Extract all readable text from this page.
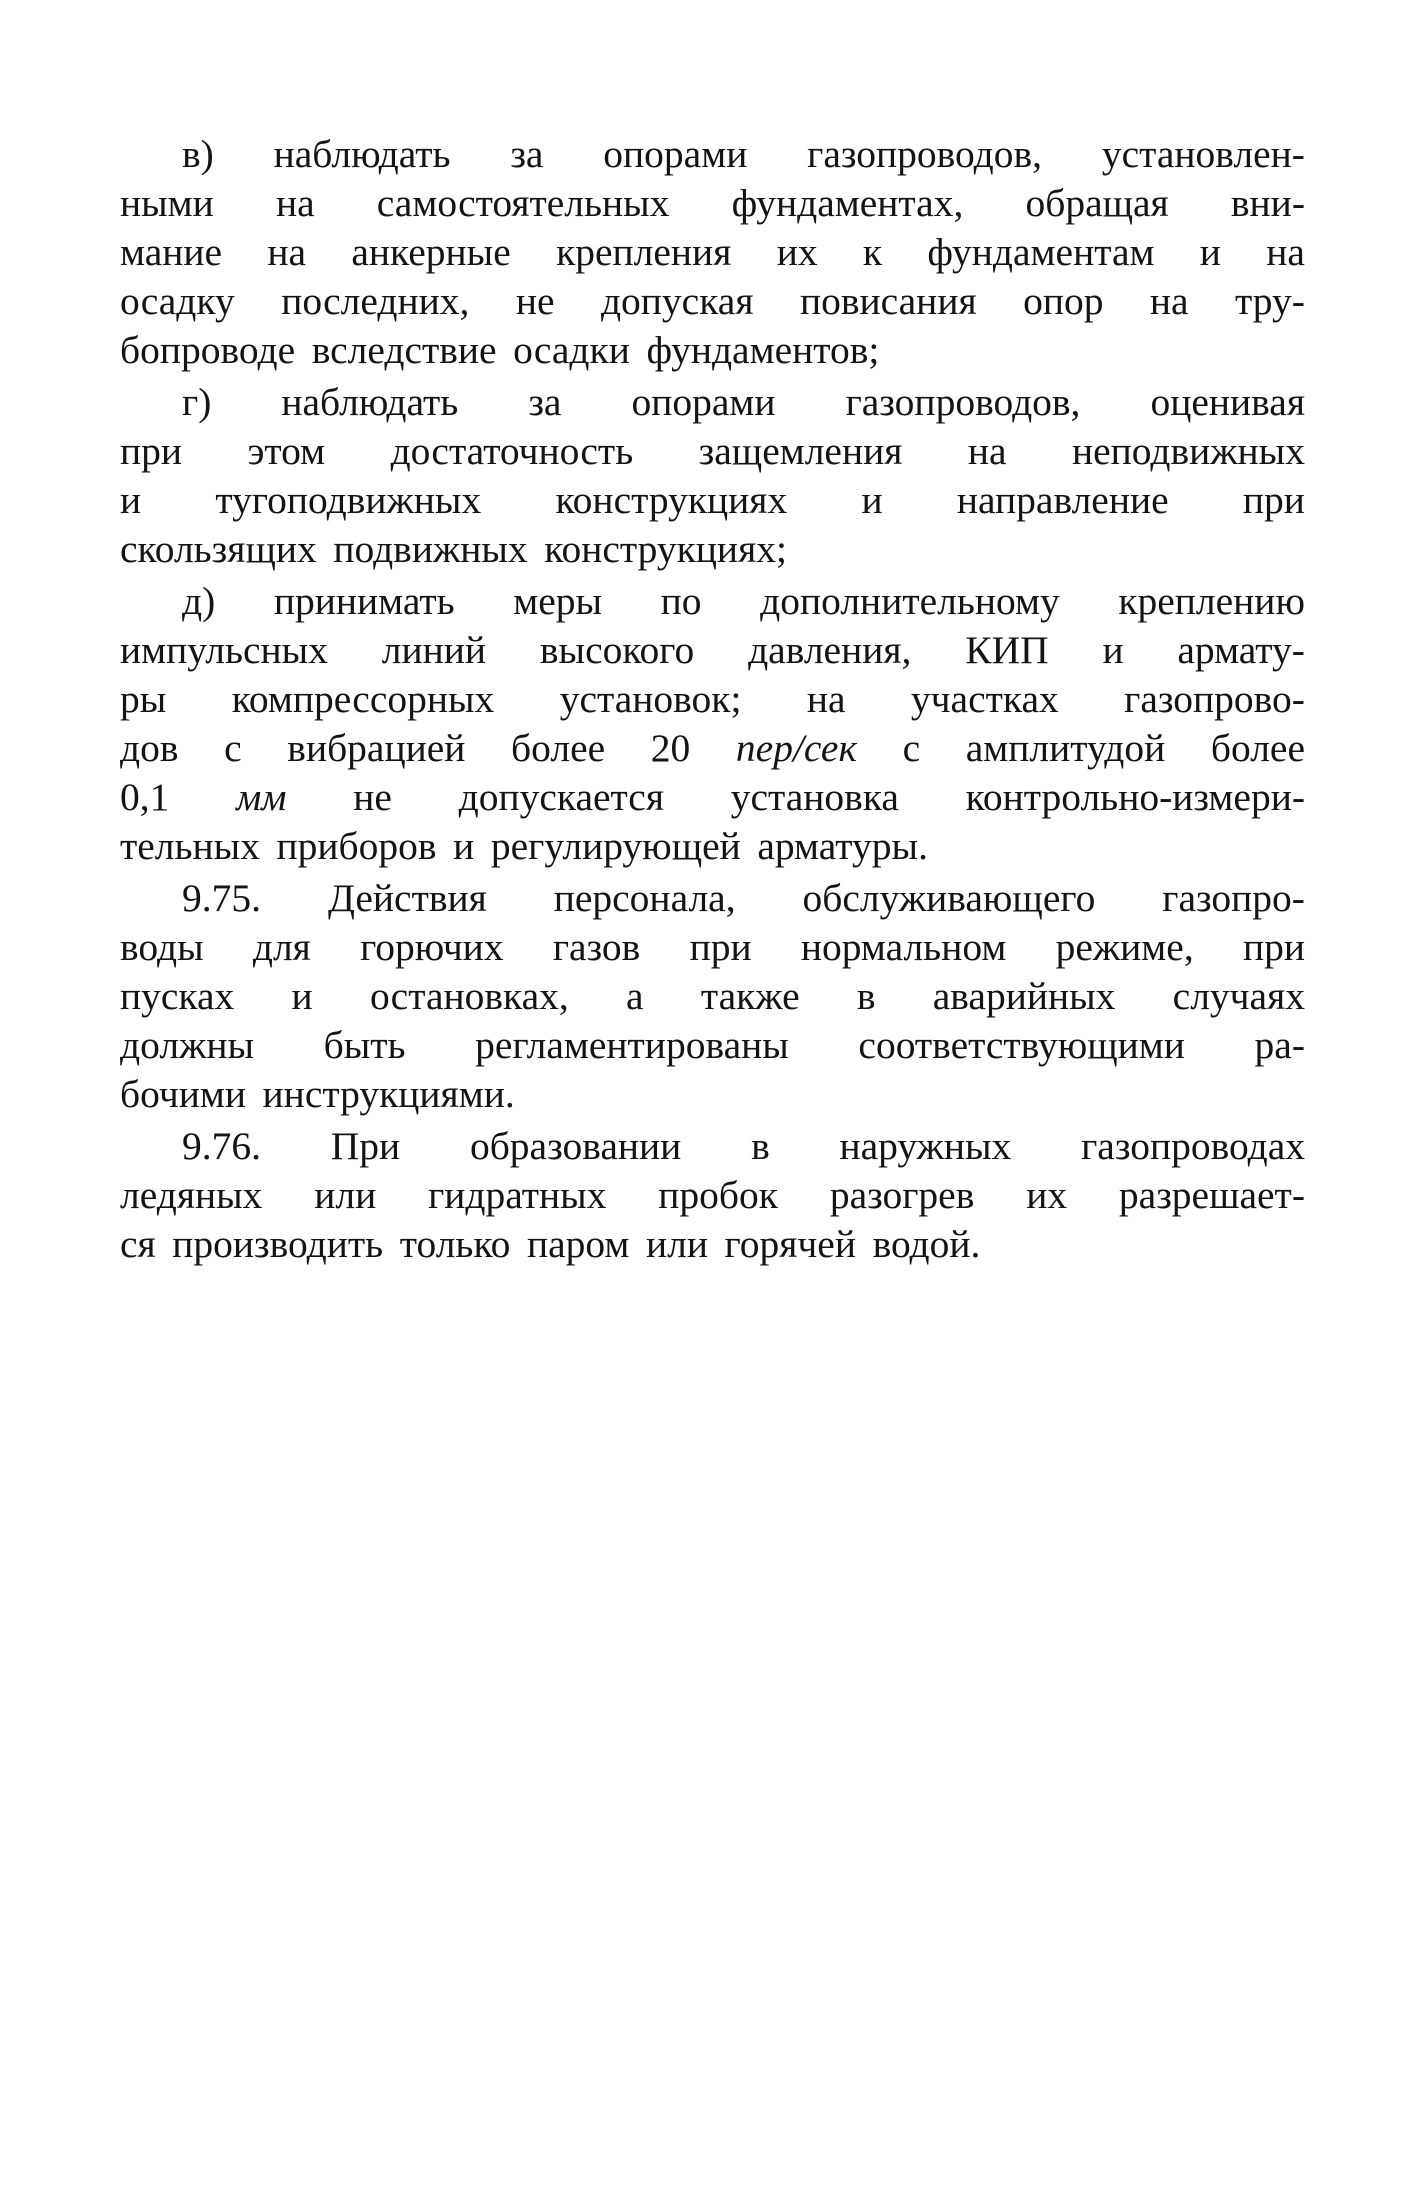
в) наблюдать за опорами газопроводов, установлен-
ными на самостоятельных фундаментах, обращая вни-
мание на анкерные крепления их к фундаментам и на
осадку последних, не допуская повисания опор на тру-
бопроводе вследствие осадки фундаментов;
г) наблюдать за опорами газопроводов, оценивая
при этом достаточность защемления на неподвижных
и тугоподвижных конструкциях и направление при
скользящих подвижных конструкциях;
д) принимать меры по дополнительному креплению
импульсных линий высокого давления, КИП и армату-
ры компрессорных установок; на участках газопрово-
дов с вибрацией более 20 пер/сек с амплитудой более
0,1 мм не допускается установка контрольно-измери-
тельных приборов и регулирующей арматуры.
9.75. Действия персонала, обслуживающего газопро-
воды для горючих газов при нормальном режиме, при
пусках и остановках, а также в аварийных случаях
должны быть регламентированы соответствующими ра-
бочими инструкциями.
9.76. При образовании в наружных газопроводах
ледяных или гидратных пробок разогрев их разрешает-
ся производить только паром или горячей водой.
